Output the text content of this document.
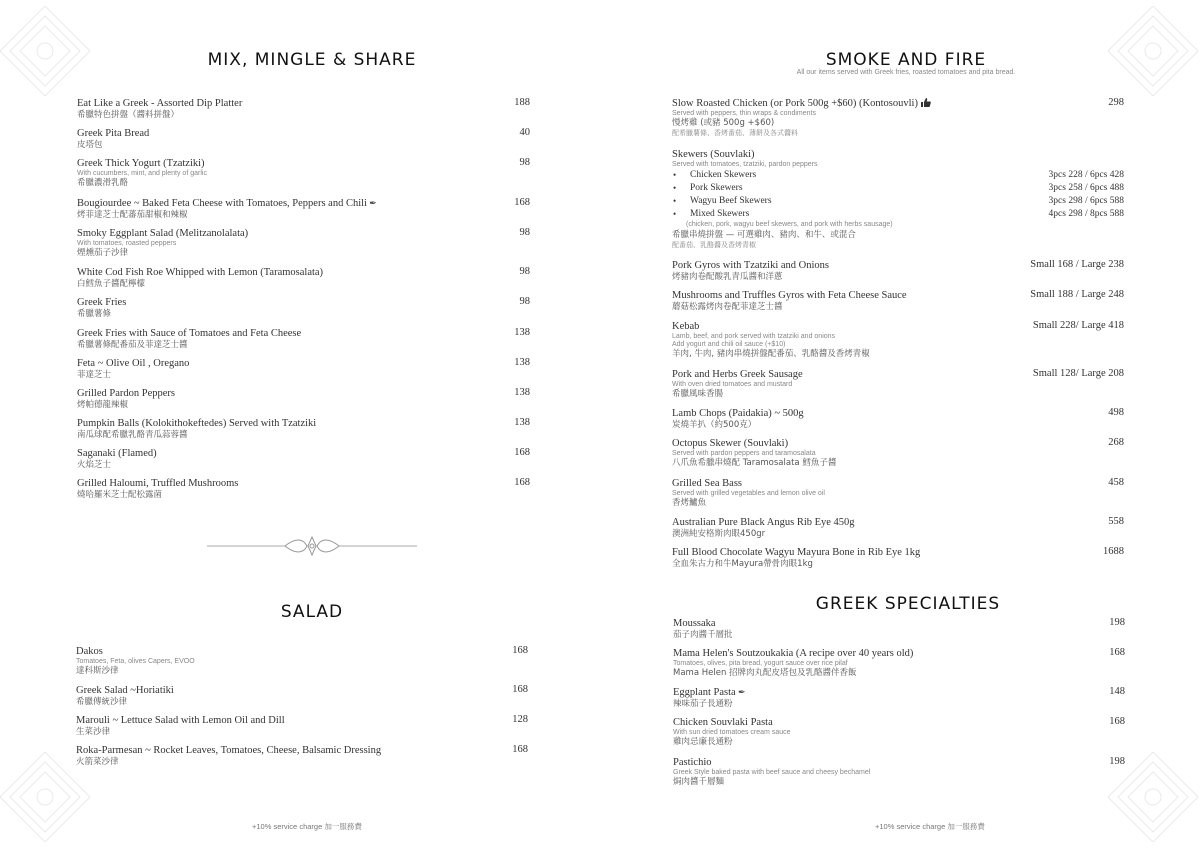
MIX, MINGLE & SHARE
Eat Like a Greek - Assorted Dip Platter
希臘特色拼盤（醬料拼盤）
188
Greek Pita Bread
皮塔包
40
Greek Thick Yogurt (Tzatziki)
With cucumbers, mint, and plenty of garlic
希臘濃滑乳酪
98
Bougiourdee ~ Baked Feta Cheese with Tomatoes, Peppers and Chili ✒
烤菲達芝士配蕃茄甜椒和辣椒
168
Smoky Eggplant Salad (Melitzanolalata)
With tomatoes, roasted peppers
煙燻茄子沙律
98
White Cod Fish Roe Whipped with Lemon (Taramosalata)
白鱈魚子醬配檸檬
98
Greek Fries
希臘薯條
98
Greek Fries with Sauce of Tomatoes and Feta Cheese
希臘薯條配番茄及菲達芝士醬
138
Feta ~ Olive Oil , Oregano
菲達芝士
138
Grilled Pardon Peppers
烤帕德龍辣椒
138
Pumpkin Balls (Kolokithokeftedes) Served with Tzatziki
南瓜球配希臘乳酪青瓜蒜蓉醬
138
Saganaki (Flamed)
火焰芝士
168
Grilled Haloumi, Truffled Mushrooms
燒哈羅米芝士配松露菌
168
SALAD
Dakos
Tomatoes, Feta, olives Capers, EVOO
達科斯沙律
168
Greek Salad ~Horiatiki
希臘傳統沙律
168
Marouli ~ Lettuce Salad with Lemon Oil and Dill
生菜沙律
128
Roka-Parmesan ~ Rocket Leaves, Tomatoes, Cheese, Balsamic Dressing
火箭菜沙律
168
+10% service charge 加一服務費
SMOKE AND FIRE
All our items served with Greek fries, roasted tomatoes and pita bread.
Slow Roasted Chicken (or Pork 500g +$60) (Kontosouvli)
Served with peppers, thin wraps & condiments
慢烤雞 (或豬 500g +$60)
配希臘薯條、香烤番茄、薄餅及各式醬料
298
Skewers (Souvlaki)
Served with tomatoes, tzatziki, pardon peppers
• Chicken Skewers	3pcs 228 / 6pcs 428
• Pork Skewers	3pcs 258 / 6pcs 488
• Wagyu Beef Skewers	3pcs 298 / 6pcs 588
• Mixed Skewers	4pcs 298 / 8pcs 588
(chicken, pork, wagyu beef skewers, and pork with herbs sausage)
希臘串燒拼盤 — 可選雞肉、豬肉、和牛、或混合
配番茄、乳酪醬及香烤青椒
Pork Gyros with Tzatziki and Onions
烤豬肉卷配酸乳青瓜醬和洋蔥
Small 168 / Large 238
Mushrooms and Truffles Gyros with Feta Cheese Sauce
蘑菇松露烤肉卷配菲達芝士醬
Small 188 / Large 248
Kebab
Lamb, beef, and pork served with tzatziki and onions
Add yogurt and chili oil sauce (+$10)
羊肉, 牛肉, 豬肉串燒拼盤配番茄、乳酪醬及香烤青椒
Small 228/ Large 418
Pork and Herbs Greek Sausage
With oven dried tomatoes and mustard
希臘風味香腸
Small 128/ Large 208
Lamb Chops (Paidakia) ~ 500g
炭燒羊扒（約500克）
498
Octopus Skewer (Souvlaki)
Served with pardon peppers and taramosalata
八爪魚希臘串燒配 Taramosalata 鱈魚子醬
268
Grilled Sea Bass
Served with grilled vegetables and lemon olive oil
香烤鱸魚
458
Australian Pure Black Angus Rib Eye 450g
澳洲純安格斯肉眼450gr
558
Full Blood Chocolate Wagyu Mayura Bone in Rib Eye 1kg
全血朱古力和牛Mayura帶骨肉眼1kg
1688
GREEK SPECIALTIES
Moussaka
茄子肉醬千層批
198
Mama Helen's Soutzoukakia (A recipe over 40 years old)
Tomatoes, olives, pita bread, yogurt sauce over rice pilaf
Mama Helen 招牌肉丸配皮塔包及乳酪醬伴香飯
168
Eggplant Pasta ✒
辣味茄子長通粉
148
Chicken Souvlaki Pasta
With sun dried tomatoes cream sauce
雞肉忌廉長通粉
168
Pastichio
Greek Style baked pasta with beef sauce and cheesy bechamel
焗肉醬千層麵
198
+10% service charge 加一服務費
